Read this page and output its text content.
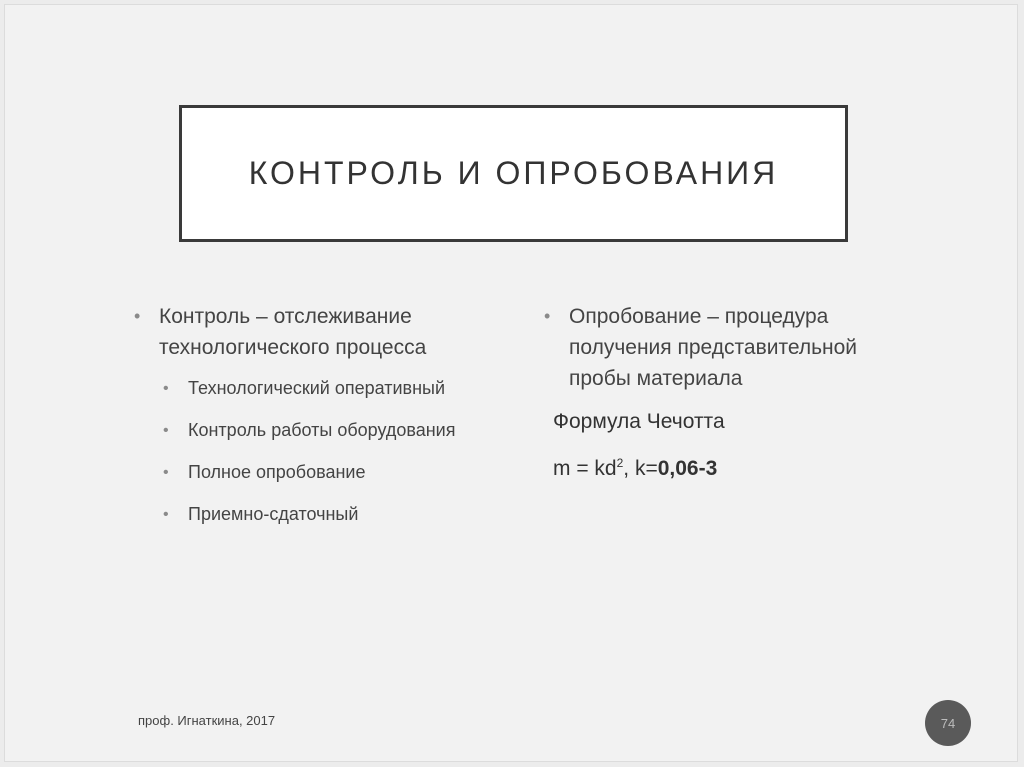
КОНТРОЛЬ И ОПРОБОВАНИЯ
• Контроль – отслеживание технологического процесса
• Технологический оперативный
• Контроль работы оборудования
• Полное опробование
• Приемно-сдаточный
• Опробование – процедура получения представительной пробы материала
Формула Чечотта
$m = kd^2$, k=0,06-3
проф. Игнаткина, 2017	74
